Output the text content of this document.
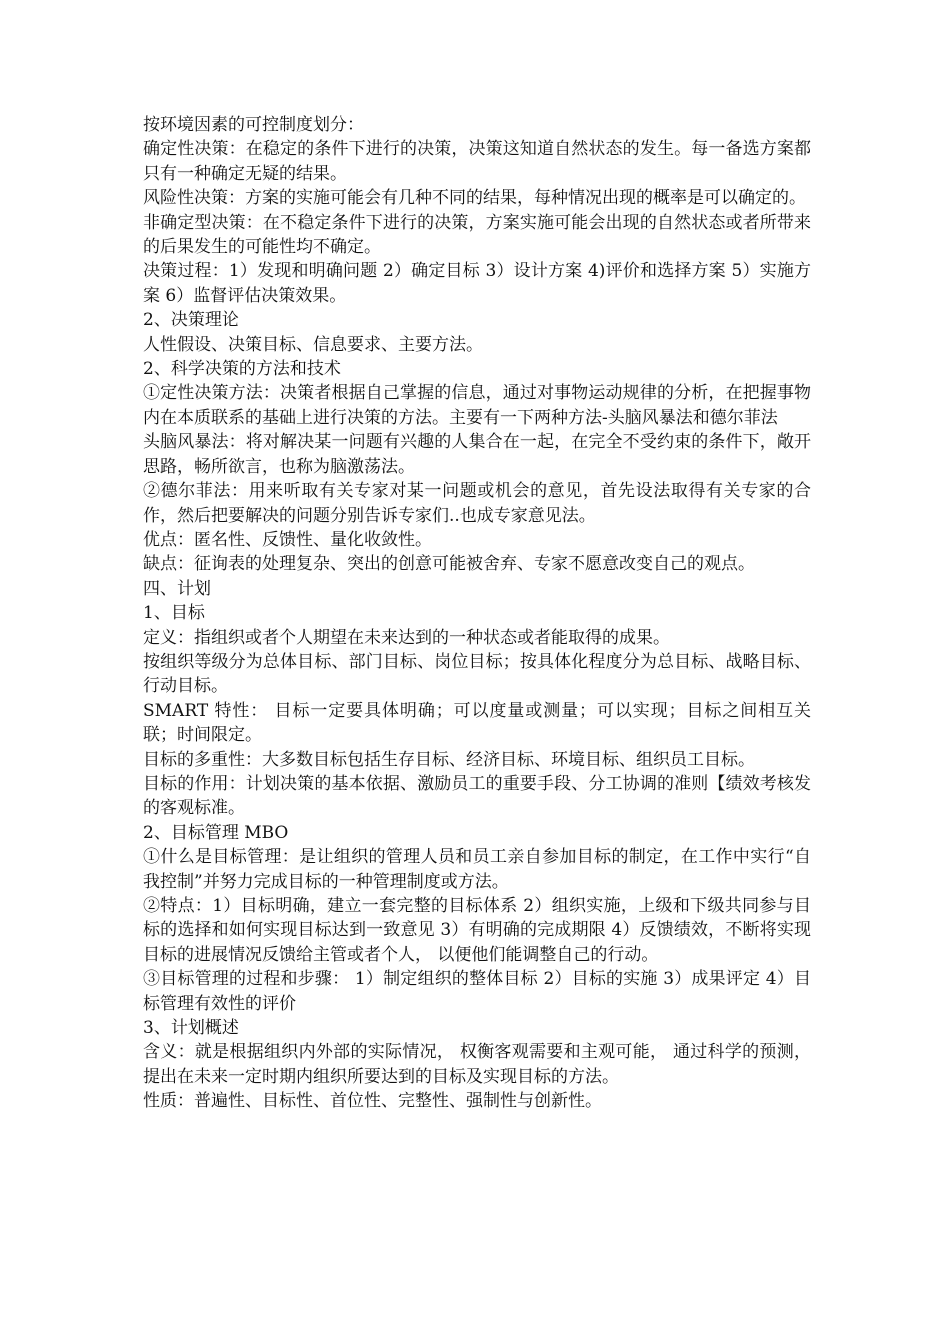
按环境因素的可控制度划分：

确定性决策：在稳定的条件下进行的决策，决策这知道自然状态的发生。每一备选方案都只有一种确定无疑的结果。

风险性决策：方案的实施可能会有几种不同的结果，每种情况出现的概率是可以确定的。

非确定型决策：在不稳定条件下进行的决策，方案实施可能会出现的自然状态或者所带来的后果发生的可能性均不确定。

决策过程：1）发现和明确问题 2）确定目标 3）设计方案 4)评价和选择方案 5）实施方案 6）监督评估决策效果。

2、决策理论

人性假设、决策目标、信息要求、主要方法。

2、科学决策的方法和技术

①定性决策方法：决策者根据自己掌握的信息，通过对事物运动规律的分析，在把握事物内在本质联系的基础上进行决策的方法。主要有一下两种方法-头脑风暴法和德尔菲法

头脑风暴法：将对解决某一问题有兴趣的人集合在一起，在完全不受约束的条件下，敞开思路，畅所欲言，也称为脑激荡法。

②德尔菲法：用来听取有关专家对某一问题或机会的意见，首先设法取得有关专家的合作，然后把要解决的问题分别告诉专家们..也成专家意见法。

优点：匿名性、反馈性、量化收敛性。

缺点：征询表的处理复杂、突出的创意可能被舍弃、专家不愿意改变自己的观点。

四、计划

1、目标

定义：指组织或者个人期望在未来达到的一种状态或者能取得的成果。

按组织等级分为总体目标、部门目标、岗位目标；按具体化程度分为总目标、战略目标、行动目标。

SMART 特性： 目标一定要具体明确；可以度量或测量；可以实现；目标之间相互关联；时间限定。

目标的多重性：大多数目标包括生存目标、经济目标、环境目标、组织员工目标。

目标的作用：计划决策的基本依据、激励员工的重要手段、分工协调的准则【绩效考核发的客观标准。

2、目标管理 MBO

①什么是目标管理：是让组织的管理人员和员工亲自参加目标的制定，在工作中实行“自我控制”并努力完成目标的一种管理制度或方法。

②特点：1）目标明确，建立一套完整的目标体系 2）组织实施，上级和下级共同参与目标的选择和如何实现目标达到一致意见 3）有明确的完成期限 4）反馈绩效，不断将实现目标的进展情况反馈给主管或者个人， 以便他们能调整自己的行动。

③目标管理的过程和步骤： 1）制定组织的整体目标 2）目标的实施 3）成果评定 4）目标管理有效性的评价

3、计划概述

含义：就是根据组织内外部的实际情况， 权衡客观需要和主观可能， 通过科学的预测，提出在未来一定时期内组织所要达到的目标及实现目标的方法。

性质：普遍性、目标性、首位性、完整性、强制性与创新性。
